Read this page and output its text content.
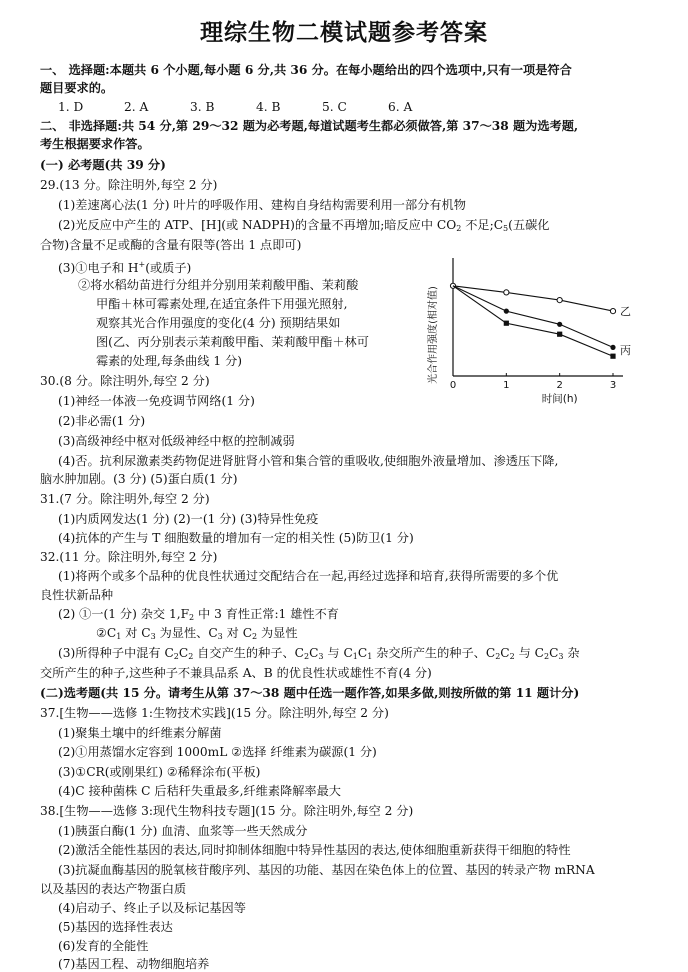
理综生物二模试题参考答案
一、 选择题:本题共 6 个小题,每小题 6 分,共 36 分。在每小题给出的四个选项中,只有一项是符合
题目要求的。
1. D	2. A	3. B	4. B	5. C	6. A
二、 非选择题:共 54 分,第 29～32 题为必考题,每道试题考生都必须做答,第 37～38 题为选考题,
考生根据要求作答。
(一) 必考题(共 39 分)
29.(13 分。除注明外,每空 2 分)
(1)差速离心法(1 分) 叶片的呼吸作用、建构自身结构需要利用一部分有机物
(2)光反应中产生的 ATP、[H](或 NADPH)的含量不再增加;暗反应中 $CO_2$ 不足$;C_5$(五碳化
合物)含量不足或酶的含量有限等(答出 1 点即可)
(3)①电子和 H+(或质子)
②将水稻幼苗进行分组并分别用茉莉酸甲酯、茉莉酸
甲酯＋林可霉素处理,在适宜条件下用强光照射,
观察其光合作用强度的变化(4 分) 预期结果如
图(乙、丙分别表示茉莉酸甲酯、茉莉酸甲酯＋林可
霉素的处理,每条曲线 1 分)
0	1	2	3
时间(h)
光合作用强度(相对值)	乙
丙
30.(8 分。除注明外,每空 2 分)
(1)神经一体液一免疫调节网络(1 分)
(2)非必需(1 分)
(3)高级神经中枢对低级神经中枢的控制减弱
(4)否。抗利尿激素类药物促进肾脏肾小管和集合管的重吸收,使细胞外液量增加、渗透压下降,
脑水肿加剧。(3 分) (5)蛋白质(1 分)
31.(7 分。除注明外,每空 2 分)
(1)内质网发达(1 分) (2)一(1 分) (3)特异性免疫
(4)抗体的产生与 T 细胞数量的增加有一定的相关性 (5)防卫(1 分)
32.(11 分。除注明外,每空 2 分)
(1)将两个或多个品种的优良性状通过交配结合在一起,再经过选择和培育,获得所需要的多个优
良性状新品种
(2) ①一(1 分) 杂交 $1,F_2$ 中 3 育性正常:1 雄性不育
$②C_1$ 对 $C_3$ 为显性、$C_3$ 对 $C_2$ 为显性
(3)所得种子中混有 $C_2C_2$ 自交产生的种子、$C_2C_3$ 与 $C_1C_1$ 杂交所产生的种子、$C_2C_2$ 与 $C_2C_3$ 杂
交所产生的种子,这些种子不兼具品系 A、B 的优良性状或雄性不育(4 分)
(二)选考题(共 15 分。请考生从第 37～38 题中任选一题作答,如果多做,则按所做的第 11 题计分)
37.[生物——选修 1:生物技术实践](15 分。除注明外,每空 2 分)
(1)聚集土壤中的纤维素分解菌
(2)①用蒸馏水定容到 1000mL ②选择 纤维素为碳源(1 分)
(3)①CR(或刚果红) ②稀释涂布(平板)
(4)C 接种菌株 C 后秸秆失重最多,纤维素降解率最大
38.[生物——选修 3:现代生物科技专题](15 分。除注明外,每空 2 分)
(1)胰蛋白酶(1 分) 血清、血浆等一些天然成分
(2)激活全能性基因的表达,同时抑制体细胞中特异性基因的表达,使体细胞重新获得干细胞的特性
(3)抗凝血酶基因的脱氧核苷酸序列、基因的功能、基因在染色体上的位置、基因的转录产物 mRNA
以及基因的表达产物蛋白质
(4)启动子、终止子以及标记基因等
(5)基因的选择性表达
(6)发育的全能性
(7)基因工程、动物细胞培养
